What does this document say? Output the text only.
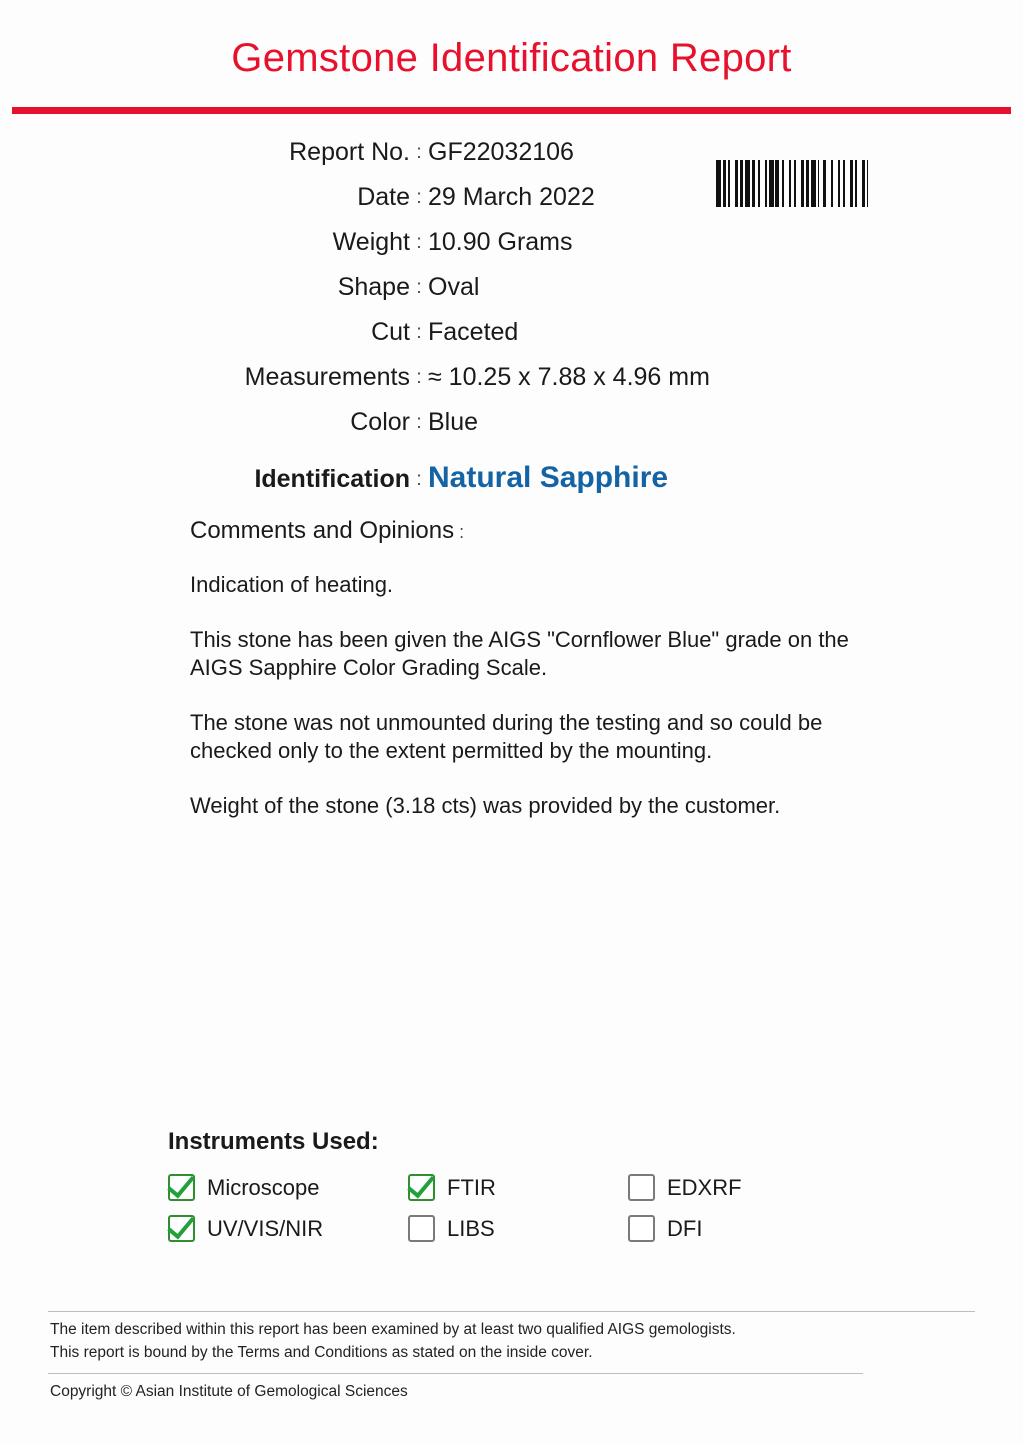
Gemstone Identification Report
Report No. : GF22032106
Date : 29 March 2022
Weight : 10.90 Grams
Shape : Oval
Cut : Faceted
Measurements : ≈ 10.25 x 7.88 x 4.96 mm
Color : Blue
Identification : Natural Sapphire
Comments and Opinions :
Indication of heating.
This stone has been given the AIGS "Cornflower Blue" grade on the AIGS Sapphire Color Grading Scale.
The stone was not unmounted during the testing and so could be checked only to the extent permitted by the mounting.
Weight of the stone (3.18 cts) was provided by the customer.
Instruments Used:
Microscope	FTIR	EDXRF
UV/VIS/NIR	LIBS	DFI
The item described within this report has been examined by at least two qualified AIGS gemologists.
This report is bound by the Terms and Conditions as stated on the inside cover.
Copyright © Asian Institute of Gemological Sciences
